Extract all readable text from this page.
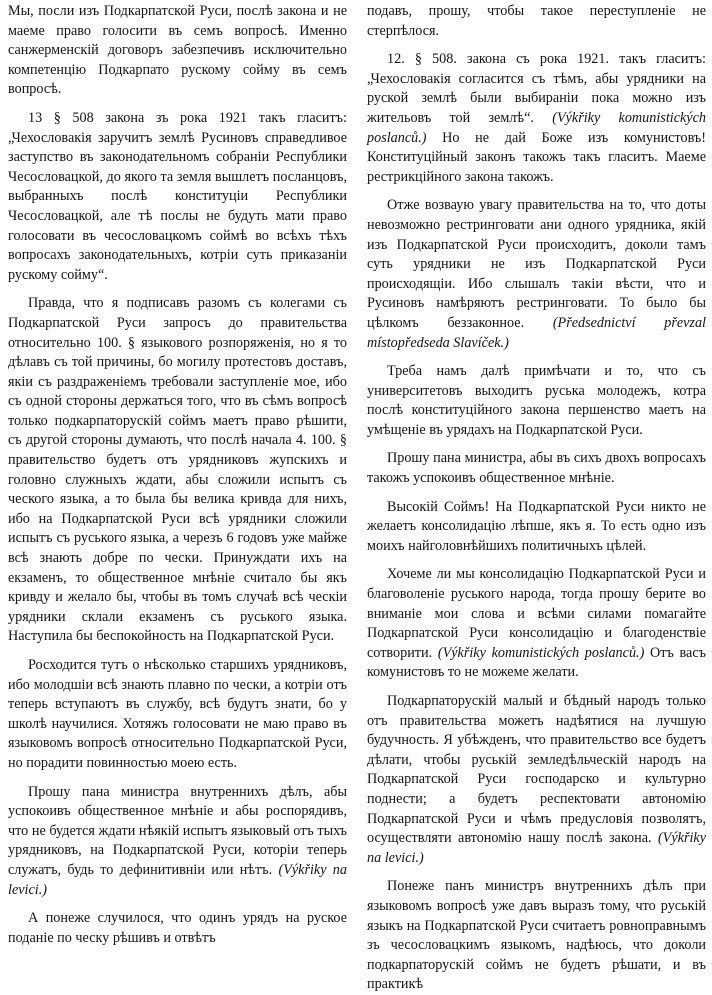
Мы, посли изъ Подкарпатской Руси, послѣ закона и не маеме право голосити въ семъ вопросѣ. Именно санжерменскій договоръ забезпечивъ исключительно компетенцію Подкарпато рускому сойму въ семъ вопросѣ.

13 § 508 закона зъ рока 1921 такъ гласитъ: „Чехословакія заручитъ землѣ Русиновъ справедливое заступство въ законодательномъ собраніи Республики Чесословацкой, до якого та земля вышлетъ посланцовъ, выбранныхъ послѣ конституціи Республики Чесословацкой, але тѣ послы не будуть мати право голосовати въ чесословацкомъ соймѣ во всѣхъ тѣхъ вопросахъ законодательныхъ, котріи суть приказаніи рускому сойму“.

Правда, что я подписавъ разомъ съ колегами съ Подкарпатской Руси запросъ до правительства относительно 100. § языкового розпоряженія, но я то дѣлавъ съ той причины, бо могилу протестовъ доставъ, якіи съ раздраженіемъ требовали заступленіе мое, ибо съ одной стороны держаться того, что въ сѣмъ вопросѣ только подкарпаторускій соймъ маетъ право рѣшити, съ другой стороны думають, что послѣ начала 4. 100. § правительство будетъ отъ урядниковъ жупскихъ и головно служныхъ ждати, абы сложили испытъ съ ческого языка, а то была бы велика кривда для нихъ, ибо на Подкарпатской Руси всѣ урядники сложили испытъ съ руського языка, а черезъ 6 годовъ уже майже всѣ знають добре по чески. Принуждати ихъ на екзаменъ, то общественное мнѣніе считало бы якъ кривду и желало бы, чтобы въ томъ случаѣ всѣ ческіи урядники склали екзаменъ съ руського языка. Наступила бы беспокойность на Подкарпатской Руси.

Росходится тутъ о нѣсколько старшихъ урядниковъ, ибо молодшіи всѣ знають плавно по чески, а котріи отъ теперь вступаютъ въ службу, всѣ будутъ знати, бо у школѣ научилися. Хотяжъ голосовати не маю право въ языковомъ вопросѣ относительно Подкарпатской Руси, но порадити повинностью моею есть.

Прошу пана министра внутреннихъ дѣлъ, абы успокоивъ общественное мнѣніе и абы роспорядивъ, что не будется ждати нѣякій испытъ языковый отъ тыхъ урядниковъ, на Подкарпатской Руси, которіи теперь служатъ, будь то дефинитивніи или нѣтъ. (Výkřiky na levici.)

А понеже случилося, что одинъ урядъ на руское поданіе по ческу рѣшивъ и отвѣтъ

подавъ, прошу, чтобы такое переступленіе не стерпѣлося.

12. § 508. закона съ рока 1921. такъ гласитъ: „Чехословакія согласится съ тѣмъ, абы урядники на руской землѣ были выбираніи пока можно изъ жительовъ той землѣ“. (Výkřiky komunistických poslanců.) Но не дай Боже изъ комунистовъ! Конституційный законъ такожъ такъ гласитъ. Маеме рестрикційного закона такожъ.

Отже возваую увагу правительства на то, что доты невозможно рестринговати ани одного урядника, якій изъ Подкарпатской Руси происходитъ, доколи тамъ суть урядники не изъ Подкарпатской Руси происходящіи. Ибо слышалъ такіи вѣсти, что и Русиновъ намѣряютъ рестринговати. То было бы цѣлкомъ беззаконное. (Předsednictví převzal místopředseda Slavíček.)

Треба намъ далѣ примѣчати и то, что съ университетовъ выходитъ руська молодежъ, котра послѣ конституційного закона першенство маетъ на умѣщеніе въ урядахъ на Подкарпатской Руси.

Прошу пана министра, абы въ сихъ двохъ вопросахъ такожъ успокоивъ общественное мнѣніе.

Высокій Соймъ! На Подкарпатской Руси никто не желаетъ консолидацію лѣпше, якъ я. То есть одно изъ моихъ найголовнѣйшихъ политичныхъ цѣлей.

Хочеме ли мы консолидацію Подкарпатской Руси и благоволеніе руського народа, тогда прошу берите во вниманіе мои слова и всѣми силами помагайте Подкарпатской Руси консолидацію и благоденствіе сотворити. (Výkřiky komunistických poslanců.) Отъ васъ комунистовъ то не можеме желати.

Подкарпаторускій малый и бѣдный народъ только отъ правительства можетъ надѣятися на лучшую будучность. Я убѣжденъ, что правительство все будетъ дѣлати, чтобы руській земледѣльческій народъ на Подкарпатской Руси господарско и культурно поднести; а будетъ респектовати автономію Подкарпатской Руси и чѣмъ предусловія позволятъ, осуществляти автономію нашу послѣ закона. (Výkřiky na levici.)

Понеже панъ министръ внутреннихъ дѣлъ при языковомъ вопросѣ уже давъ выразъ тому, что руській языкъ на Подкарпатской Руси считаетъ ровноправнымъ зъ чесословацкимъ языкомъ, надѣюсь, что доколи подкарпаторускій соймъ не будетъ рѣшати, и въ практикѣ
